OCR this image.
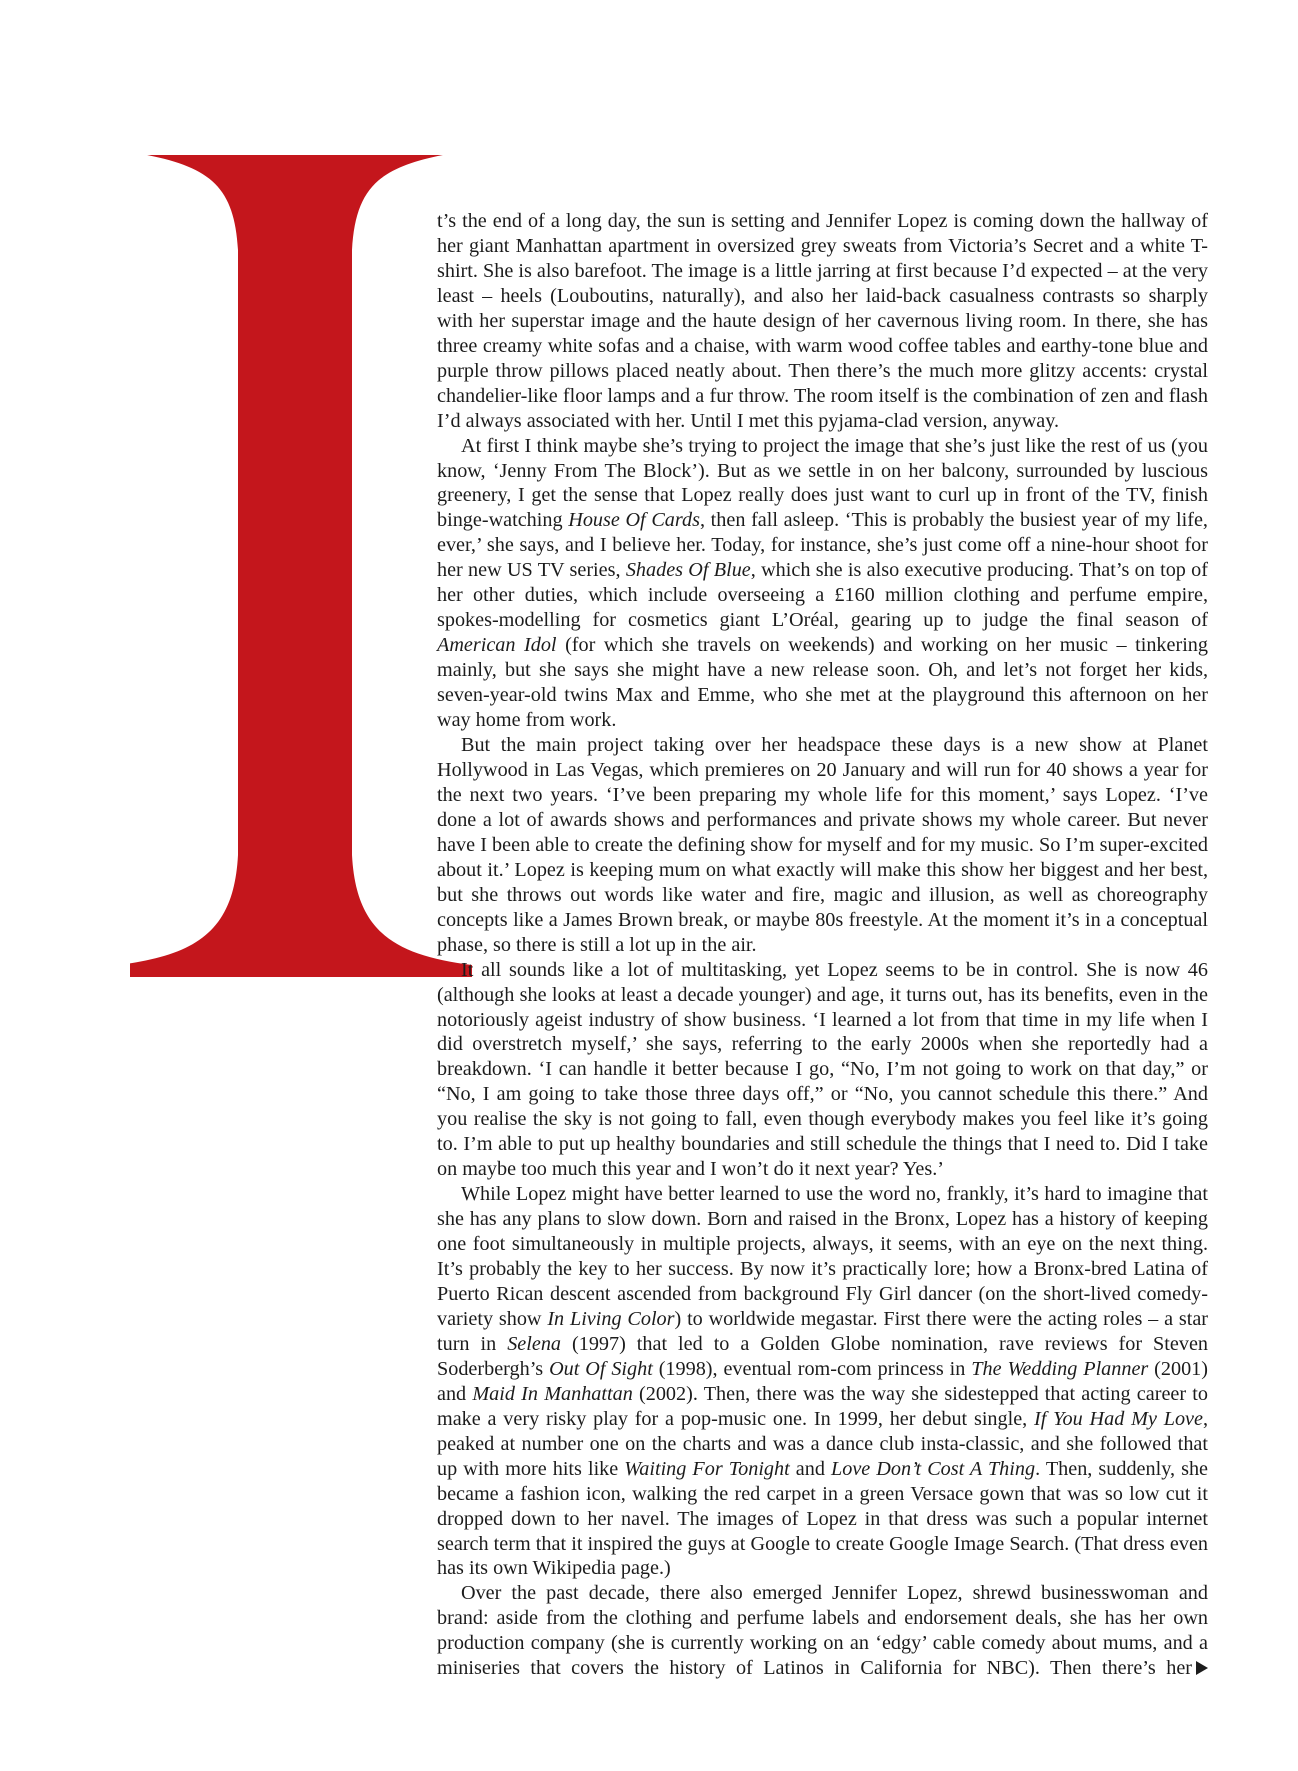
t’s the end of a long day, the sun is setting and Jennifer Lopez is coming down the hallway of her giant Manhattan apartment in oversized grey sweats from Victoria’s Secret and a white T-shirt. She is also barefoot. The image is a little jarring at first because I’d expected – at the very least – heels (Louboutins, naturally), and also her laid-back casualness contrasts so sharply with her superstar image and the haute design of her cavernous living room. In there, she has three creamy white sofas and a chaise, with warm wood coffee tables and earthy-tone blue and purple throw pillows placed neatly about. Then there’s the much more glitzy accents: crystal chandelier-like floor lamps and a fur throw. The room itself is the combination of zen and flash I’d always associated with her. Until I met this pyjama-clad version, anyway.

At first I think maybe she’s trying to project the image that she’s just like the rest of us (you know, ‘Jenny From The Block’). But as we settle in on her balcony, surrounded by luscious greenery, I get the sense that Lopez really does just want to curl up in front of the TV, finish binge-watching House Of Cards, then fall asleep. ‘This is probably the busiest year of my life, ever,’ she says, and I believe her. Today, for instance, she’s just come off a nine-hour shoot for her new US TV series, Shades Of Blue, which she is also executive producing. That’s on top of her other duties, which include overseeing a £160 million clothing and perfume empire, spokes-modelling for cosmetics giant L’Oréal, gearing up to judge the final season of American Idol (for which she travels on weekends) and working on her music – tinkering mainly, but she says she might have a new release soon. Oh, and let’s not forget her kids, seven-year-old twins Max and Emme, who she met at the playground this afternoon on her way home from work.

But the main project taking over her headspace these days is a new show at Planet Hollywood in Las Vegas, which premieres on 20 January and will run for 40 shows a year for the next two years. ‘I’ve been preparing my whole life for this moment,’ says Lopez. ‘I’ve done a lot of awards shows and performances and private shows my whole career. But never have I been able to create the defining show for myself and for my music. So I’m super-excited about it.’ Lopez is keeping mum on what exactly will make this show her biggest and her best, but she throws out words like water and fire, magic and illusion, as well as choreography concepts like a James Brown break, or maybe 80s freestyle. At the moment it’s in a conceptual phase, so there is still a lot up in the air.

It all sounds like a lot of multitasking, yet Lopez seems to be in control. She is now 46 (although she looks at least a decade younger) and age, it turns out, has its benefits, even in the notoriously ageist industry of show business. ‘I learned a lot from that time in my life when I did overstretch myself,’ she says, referring to the early 2000s when she reportedly had a breakdown. ‘I can handle it better because I go, “No, I’m not going to work on that day,” or “No, I am going to take those three days off,” or “No, you cannot schedule this there.” And you realise the sky is not going to fall, even though everybody makes you feel like it’s going to. I’m able to put up healthy boundaries and still schedule the things that I need to. Did I take on maybe too much this year and I won’t do it next year? Yes.’

While Lopez might have better learned to use the word no, frankly, it’s hard to imagine that she has any plans to slow down. Born and raised in the Bronx, Lopez has a history of keeping one foot simultaneously in multiple projects, always, it seems, with an eye on the next thing. It’s probably the key to her success. By now it’s practically lore; how a Bronx-bred Latina of Puerto Rican descent ascended from background Fly Girl dancer (on the short-lived comedy-variety show In Living Color) to worldwide megastar. First there were the acting roles – a star turn in Selena (1997) that led to a Golden Globe nomination, rave reviews for Steven Soderbergh’s Out Of Sight (1998), eventual rom-com princess in The Wedding Planner (2001) and Maid In Manhattan (2002). Then, there was the way she sidestepped that acting career to make a very risky play for a pop-music one. In 1999, her debut single, If You Had My Love, peaked at number one on the charts and was a dance club insta-classic, and she followed that up with more hits like Waiting For Tonight and Love Don’t Cost A Thing. Then, suddenly, she became a fashion icon, walking the red carpet in a green Versace gown that was so low cut it dropped down to her navel. The images of Lopez in that dress was such a popular internet search term that it inspired the guys at Google to create Google Image Search. (That dress even has its own Wikipedia page.)

Over the past decade, there also emerged Jennifer Lopez, shrewd businesswoman and brand: aside from the clothing and perfume labels and endorsement deals, she has her own production company (she is currently working on an ‘edgy’ cable comedy about mums, and a miniseries that covers the history of Latinos in California for NBC). Then there’s her
